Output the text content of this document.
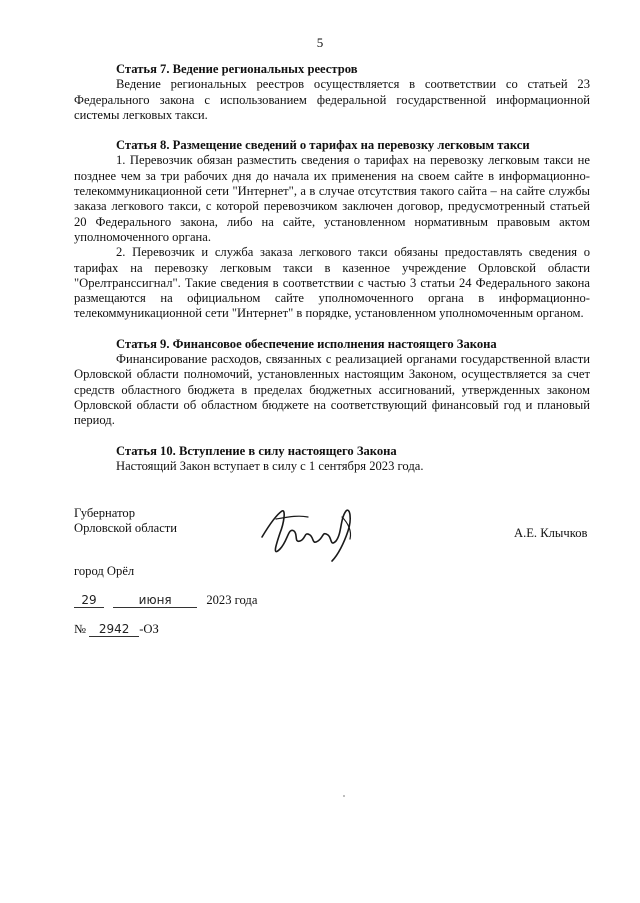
5
Статья 7. Ведение региональных реестров

Ведение региональных реестров осуществляется в соответствии со статьей 23 Федерального закона с использованием федеральной государственной информационной системы легковых такси.

Статья 8. Размещение сведений о тарифах на перевозку легковым такси

1. Перевозчик обязан разместить сведения о тарифах на перевозку легковым такси не позднее чем за три рабочих дня до начала их применения на своем сайте в информационно-телекоммуникационной сети "Интернет", а в случае отсутствия такого сайта – на сайте службы заказа легкового такси, с которой перевозчиком заключен договор, предусмотренный статьей 20 Федерального закона, либо на сайте, установленном нормативным правовым актом уполномоченного органа.

2. Перевозчик и служба заказа легкового такси обязаны предоставлять сведения о тарифах на перевозку легковым такси в казенное учреждение Орловской области "Орелтранссигнал". Такие сведения в соответствии с частью 3 статьи 24 Федерального закона размещаются на официальном сайте уполномоченного органа в информационно-телекоммуникационной сети "Интернет" в порядке, установленном уполномоченным органом.

Статья 9. Финансовое обеспечение исполнения настоящего Закона

Финансирование расходов, связанных с реализацией органами государственной власти Орловской области полномочий, установленных настоящим Законом, осуществляется за счет средств областного бюджета в пределах бюджетных ассигнований, утвержденных законом Орловской области об областном бюджете на соответствующий финансовый год и плановый период.

Статья 10. Вступление в силу настоящего Закона

Настоящий Закон вступает в силу с 1 сентября 2023 года.

Губернатор
Орловской области	А.Е. Клычков
город Орёл
29	июня	2023 года
№ 2942 -ОЗ
